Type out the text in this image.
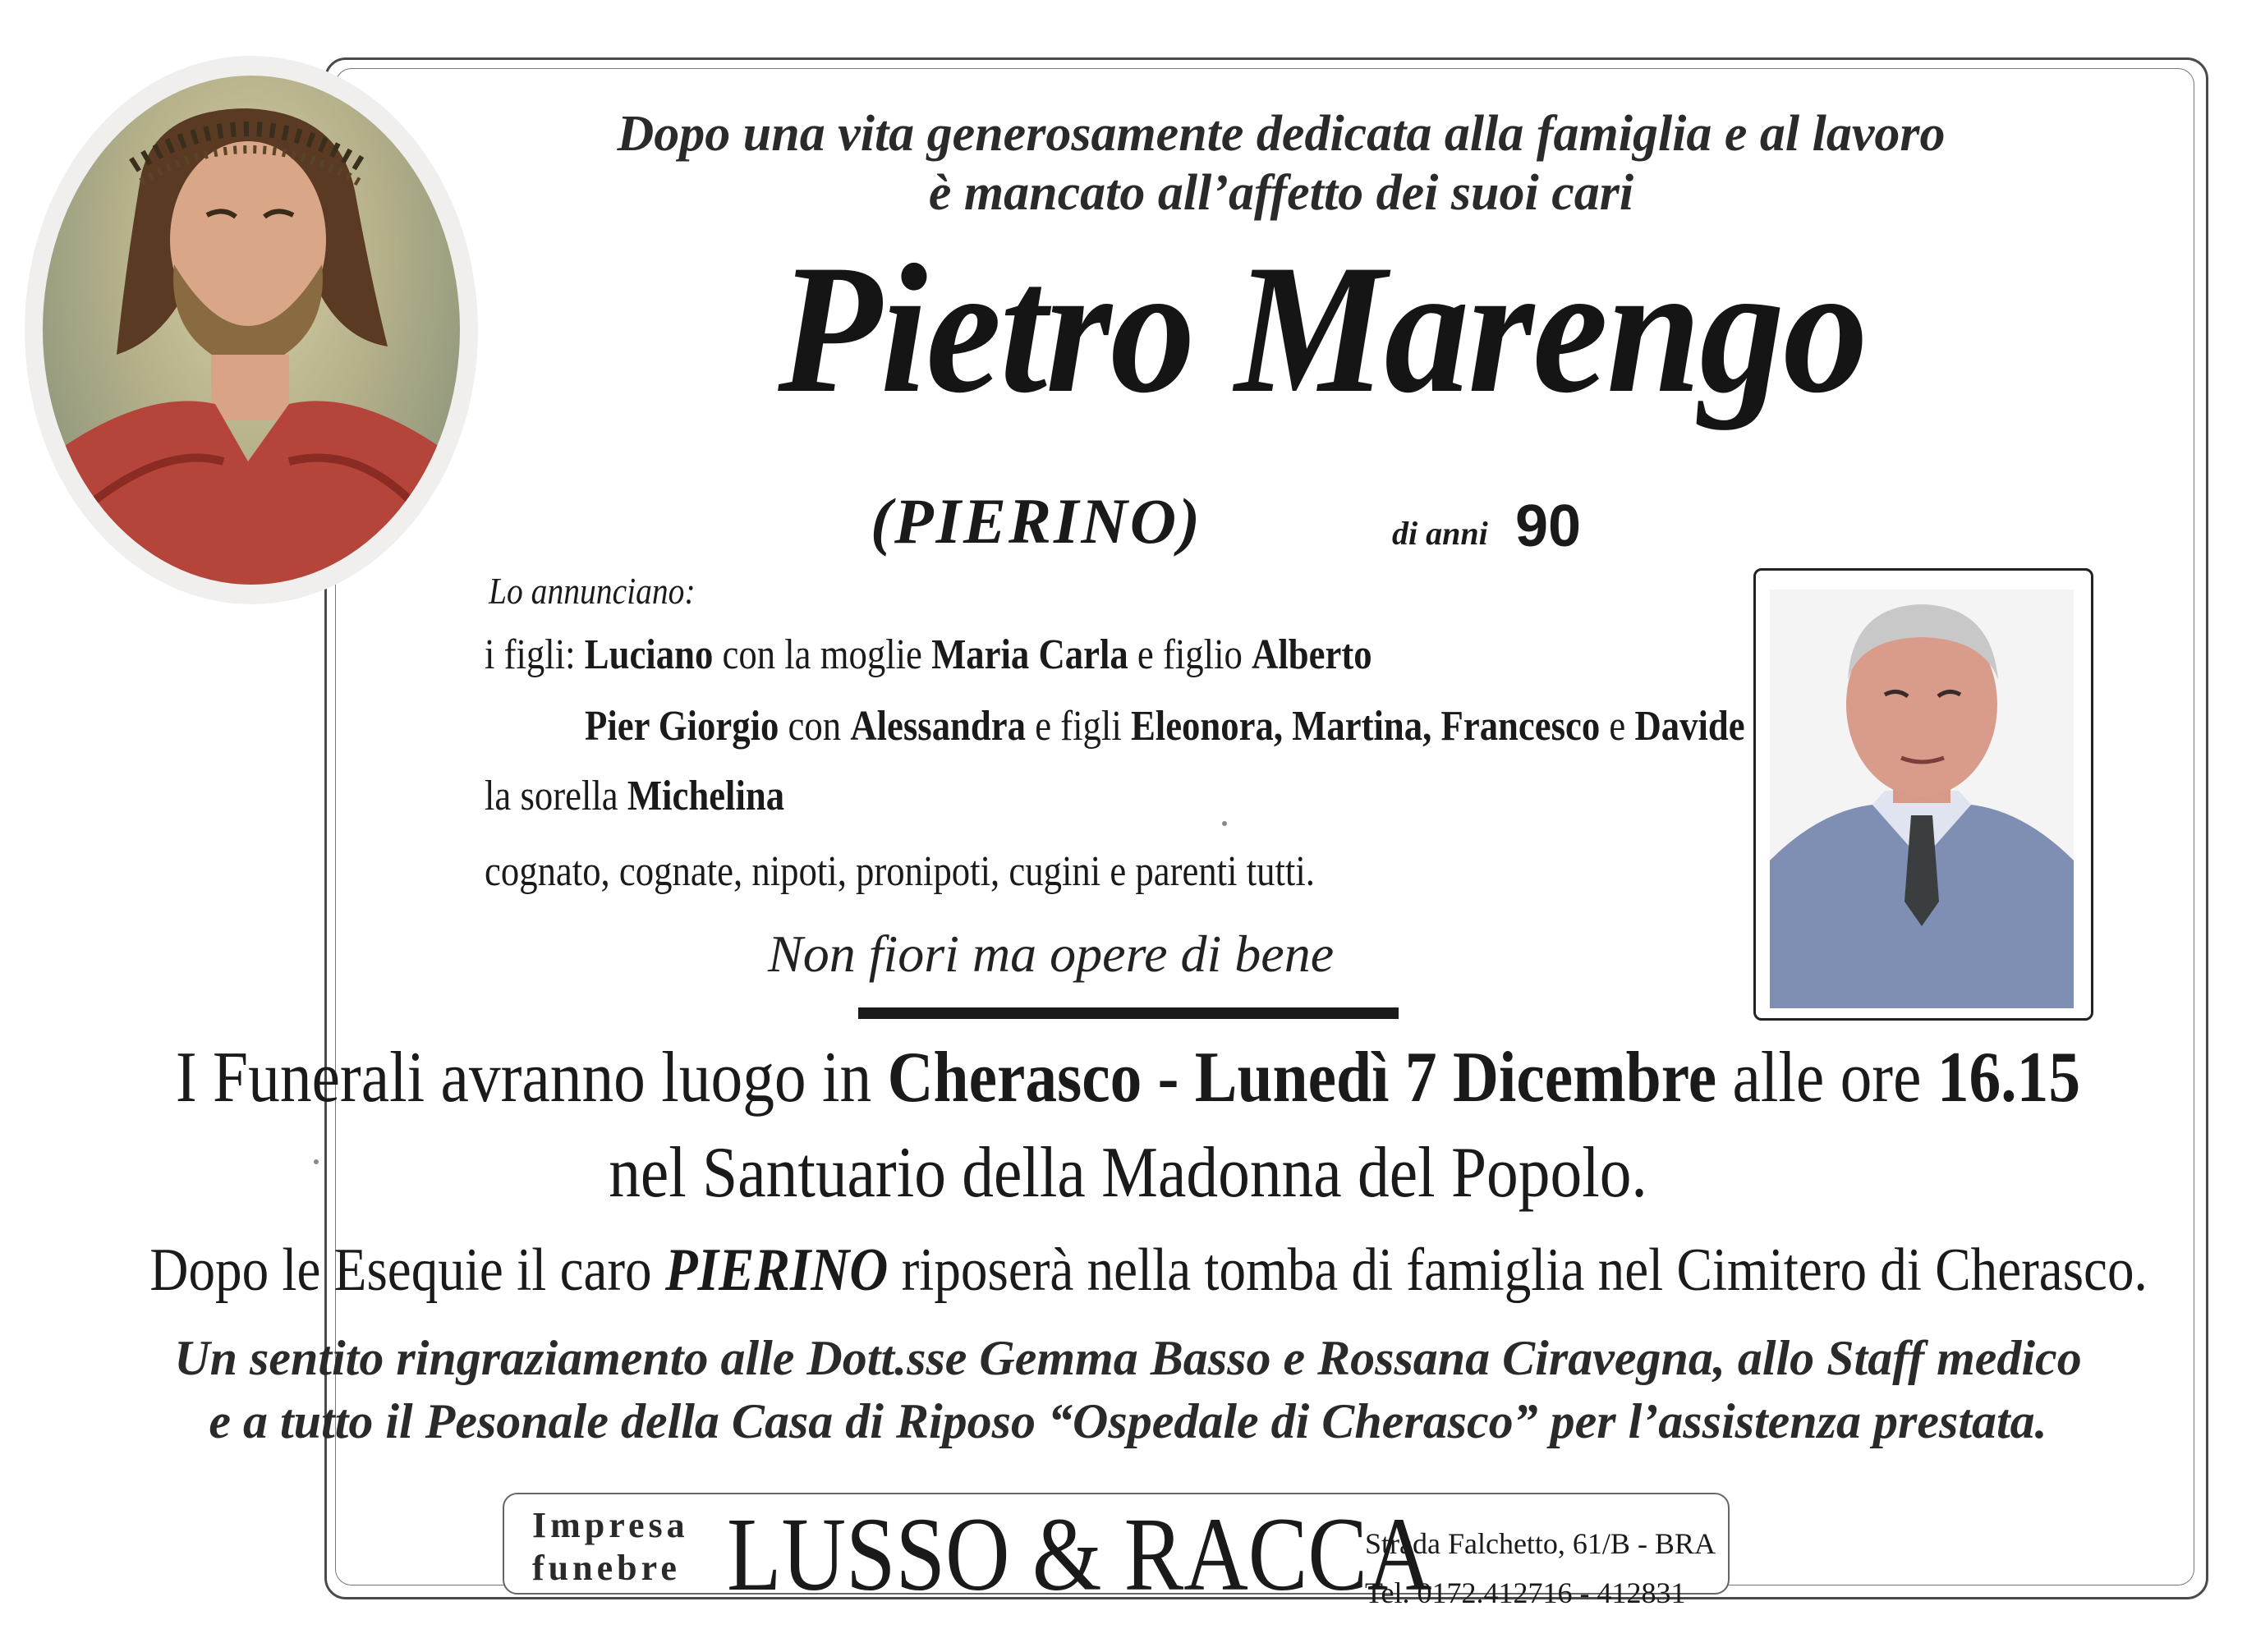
Dopo una vita generosamente dedicata alla famiglia e al lavoro
è mancato all’affetto dei suoi cari
Pietro Marengo
(PIERINO)	di anni 90
Lo annunciano:
i figli: Luciano con la moglie Maria Carla e figlio Alberto
Pier Giorgio con Alessandra e figli Eleonora, Martina, Francesco e Davide
la sorella Michelina
cognato, cognate, nipoti, pronipoti, cugini e parenti tutti.
Non fiori ma opere di bene
I Funerali avranno luogo in Cherasco - Lunedì 7 Dicembre alle ore 16.15
nel Santuario della Madonna del Popolo.
Dopo le Esequie il caro PIERINO riposerà nella tomba di famiglia nel Cimitero di Cherasco.
Un sentito ringraziamento alle Dott.sse Gemma Basso e Rossana Ciravegna, allo Staff medico
e a tutto il Pesonale della Casa di Riposo “Ospedale di Cherasco” per l’assistenza prestata.
Impresa
funebre LUSSO & RACCA
Strada Falchetto, 61/B - BRA
Tel. 0172.412716 - 412831
